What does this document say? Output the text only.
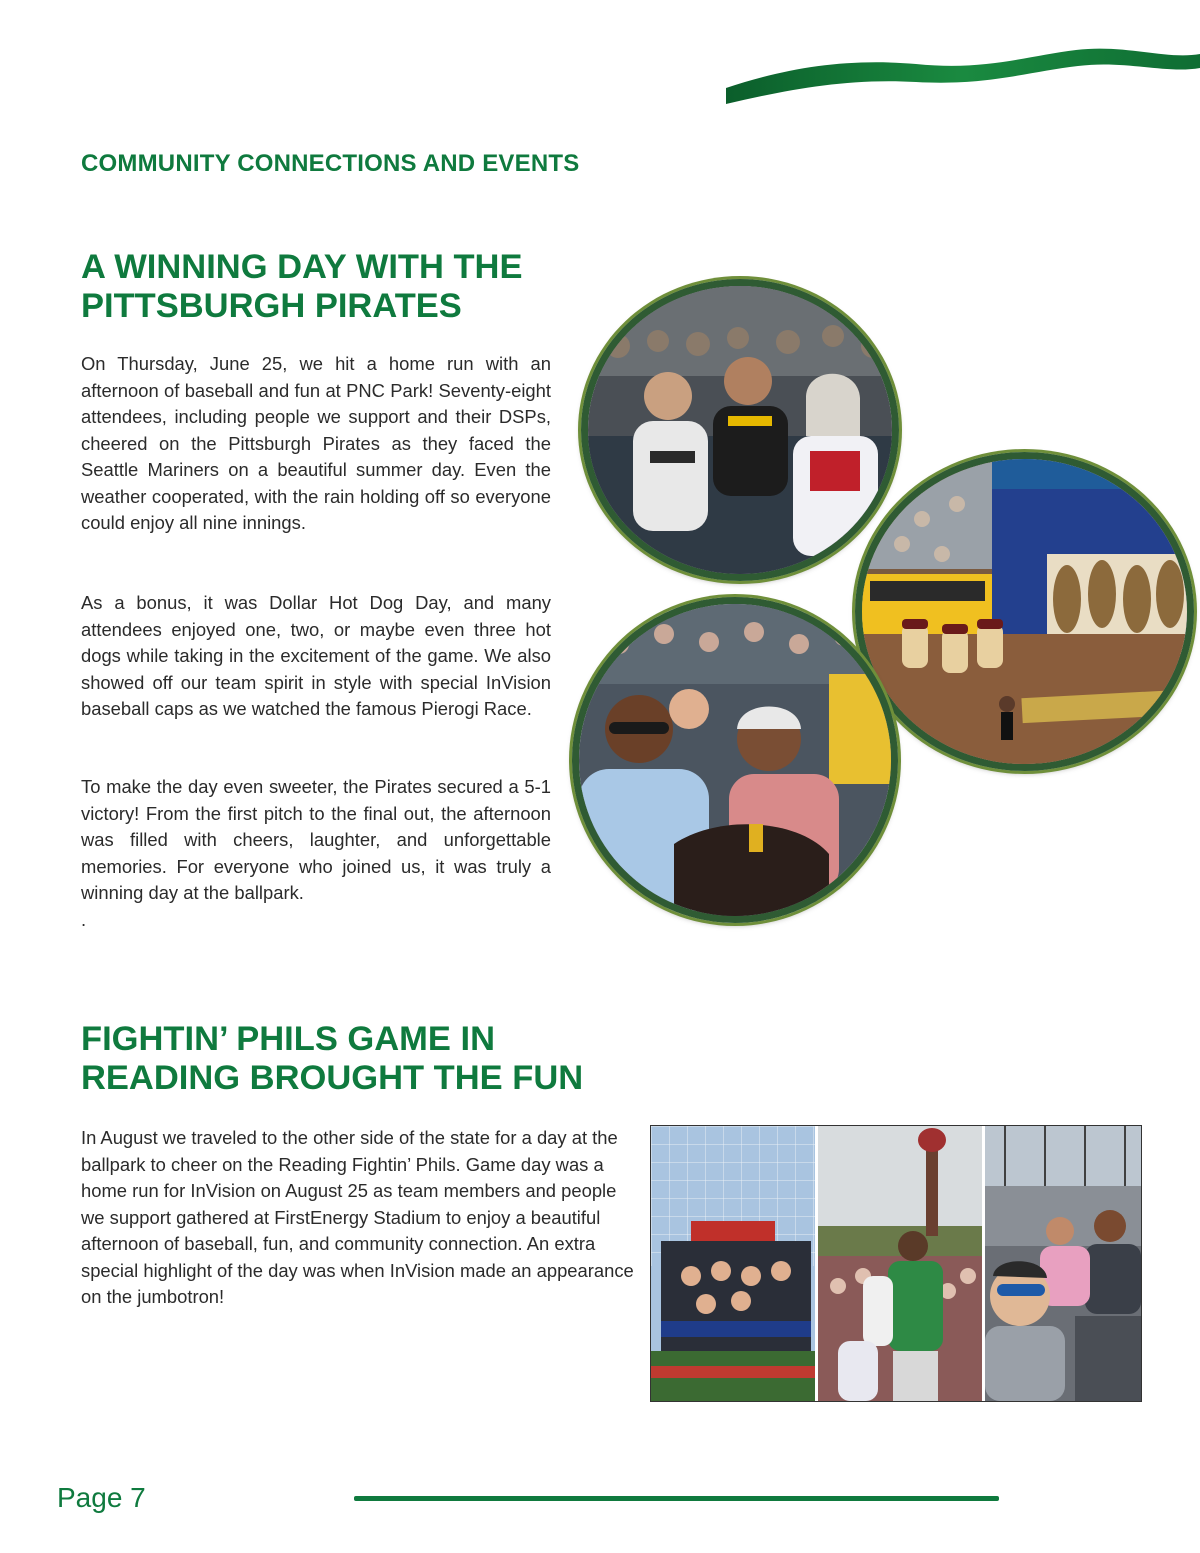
COMMUNITY CONNECTIONS AND EVENTS
A WINNING DAY WITH THE PITTSBURGH PIRATES

On Thursday, June 25, we hit a home run with an afternoon of baseball and fun at PNC Park! Seventy-eight attendees, including people we support and their DSPs, cheered on the Pittsburgh Pirates as they faced the Seattle Mariners on a beautiful summer day. Even the weather cooperated, with the rain holding off so everyone could enjoy all nine innings.

As a bonus, it was Dollar Hot Dog Day, and many attendees enjoyed one, two, or maybe even three hot dogs while taking in the excitement of the game. We also showed off our team spirit in style with special InVision baseball caps as we watched the famous Pierogi Race.

To make the day even sweeter, the Pirates secured a 5-1 victory! From the first pitch to the final out, the afternoon was filled with cheers, laughter, and unforgettable memories. For everyone who joined us, it was truly a winning day at the ballpark.

.

FIGHTIN’ PHILS GAME IN READING BROUGHT THE FUN

In August we traveled to the other side of the state for a day at the ballpark to cheer on the Reading Fightin’ Phils. Game day was a home run for InVision on August 25 as team members and people we support gathered at FirstEnergy Stadium to enjoy a beautiful afternoon of baseball, fun, and community connection. An extra special highlight of the day was when InVision made an appearance on the jumbotron!

Page 7
